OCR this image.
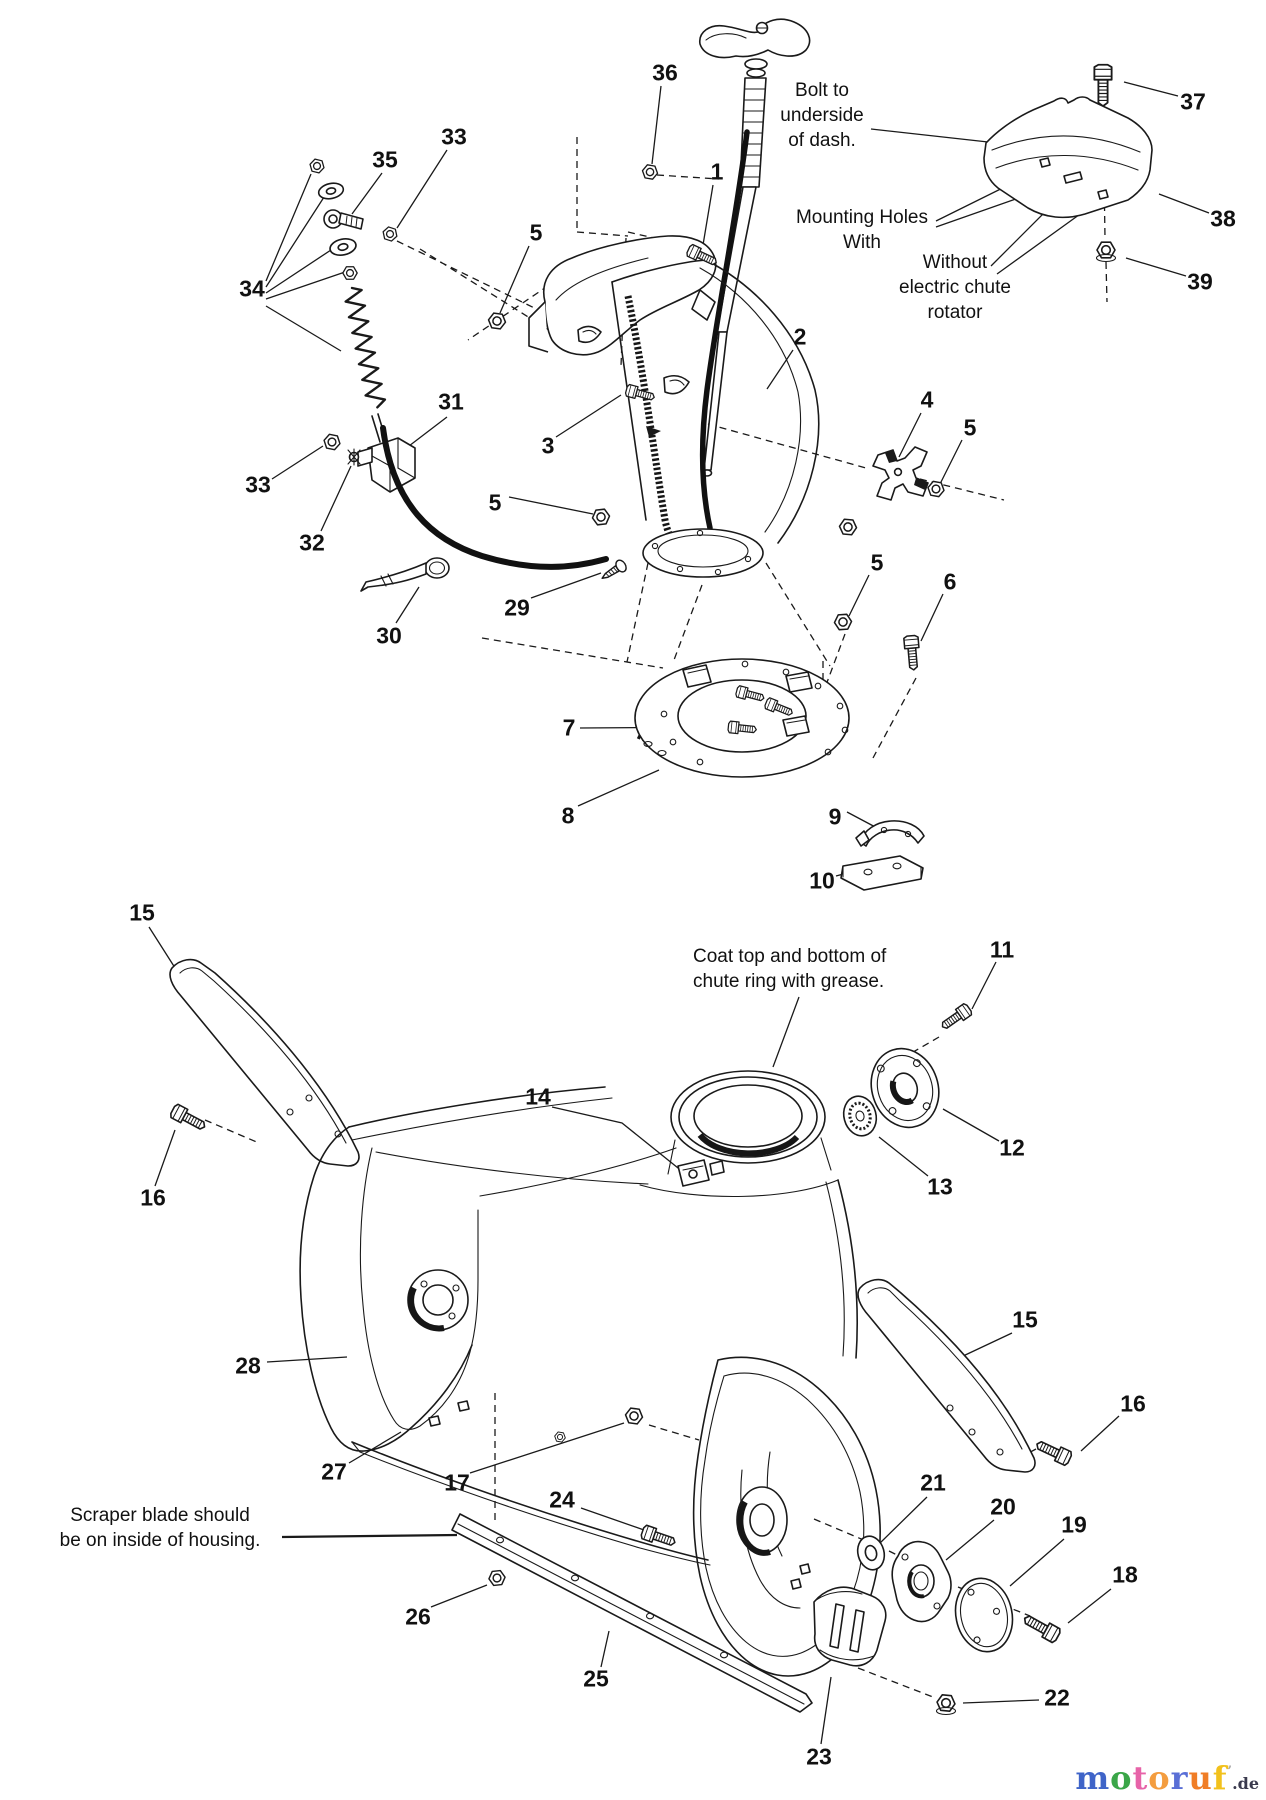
36
1
35
33
34
5
31
3
33
32
30
29
5
2
4
5
5
6
7
8	9
10
37
38
39
15
16
11
12
13
14
15
28
27	17
24
21
20
19
16
18
26
25
22
23
Bolt to
underside
of dash.
Mounting Holes
With
Without
electric chute
rotator
Coat top and bottom of
chute ring with grease.
Scraper blade should
be on inside of housing.
motoruf’.de
